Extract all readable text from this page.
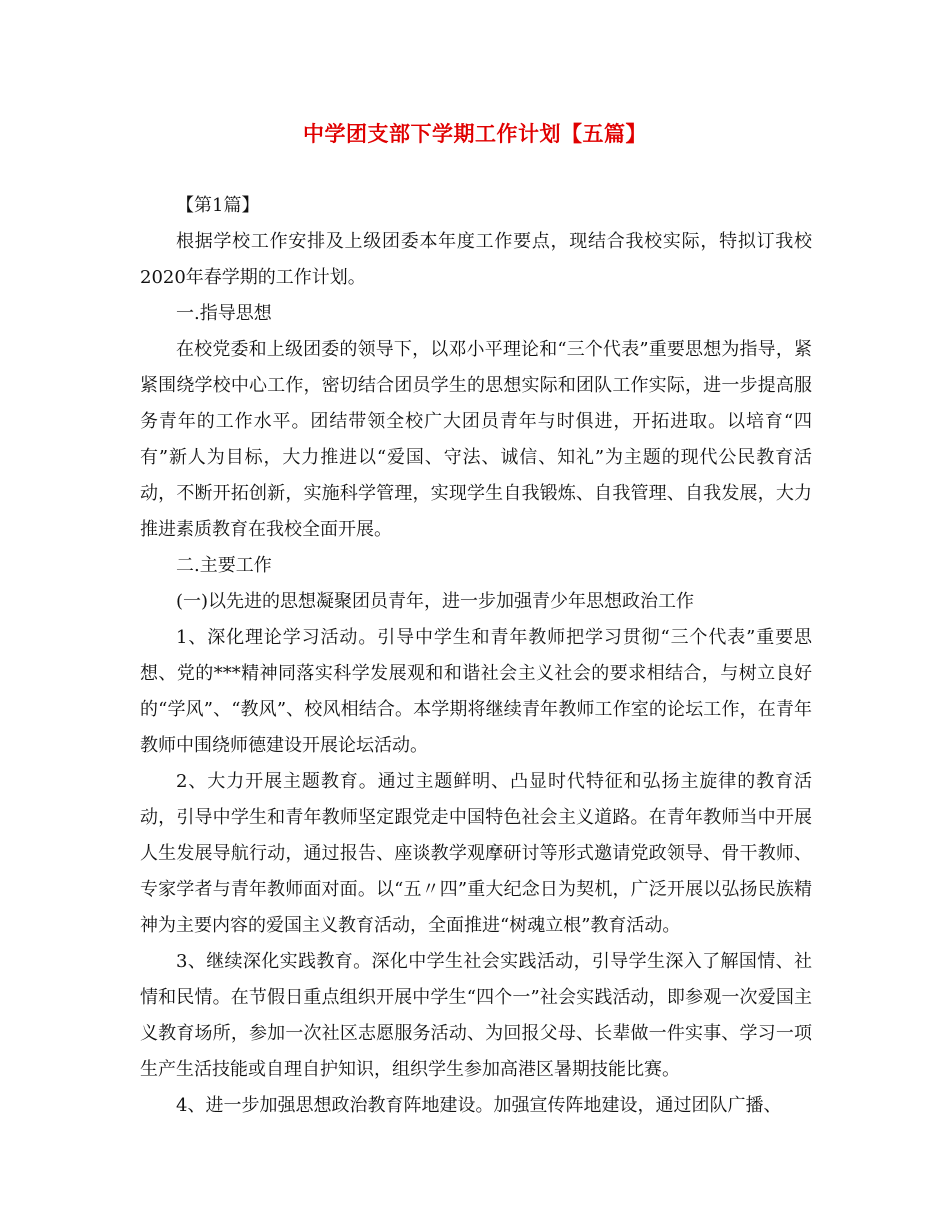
中学团支部下学期工作计划【五篇】

【第1篇】

根据学校工作安排及上级团委本年度工作要点，现结合我校实际，特拟订我校2020年春学期的工作计划。

一.指导思想

在校党委和上级团委的领导下，以邓小平理论和“三个代表”重要思想为指导，紧紧围绕学校中心工作，密切结合团员学生的思想实际和团队工作实际，进一步提高服务青年的工作水平。团结带领全校广大团员青年与时俱进，开拓进取。以培育“四有”新人为目标，大力推进以“爱国、守法、诚信、知礼”为主题的现代公民教育活动，不断开拓创新，实施科学管理，实现学生自我锻炼、自我管理、自我发展，大力推进素质教育在我校全面开展。

二.主要工作

(一)以先进的思想凝聚团员青年，进一步加强青少年思想政治工作

1、深化理论学习活动。引导中学生和青年教师把学习贯彻“三个代表”重要思想、党的***精神同落实科学发展观和和谐社会主义社会的要求相结合，与树立良好的“学风”、“教风”、校风相结合。本学期将继续青年教师工作室的论坛工作，在青年教师中围绕师德建设开展论坛活动。

2、大力开展主题教育。通过主题鲜明、凸显时代特征和弘扬主旋律的教育活动，引导中学生和青年教师坚定跟党走中国特色社会主义道路。在青年教师当中开展人生发展导航行动，通过报告、座谈教学观摩研讨等形式邀请党政领导、骨干教师、专家学者与青年教师面对面。以“五〃四”重大纪念日为契机，广泛开展以弘扬民族精神为主要内容的爱国主义教育活动，全面推进“树魂立根”教育活动。

3、继续深化实践教育。深化中学生社会实践活动，引导学生深入了解国情、社情和民情。在节假日重点组织开展中学生“四个一”社会实践活动，即参观一次爱国主义教育场所，参加一次社区志愿服务活动、为回报父母、长辈做一件实事、学习一项生产生活技能或自理自护知识，组织学生参加高港区暑期技能比赛。

4、进一步加强思想政治教育阵地建设。加强宣传阵地建设，通过团队广播、
